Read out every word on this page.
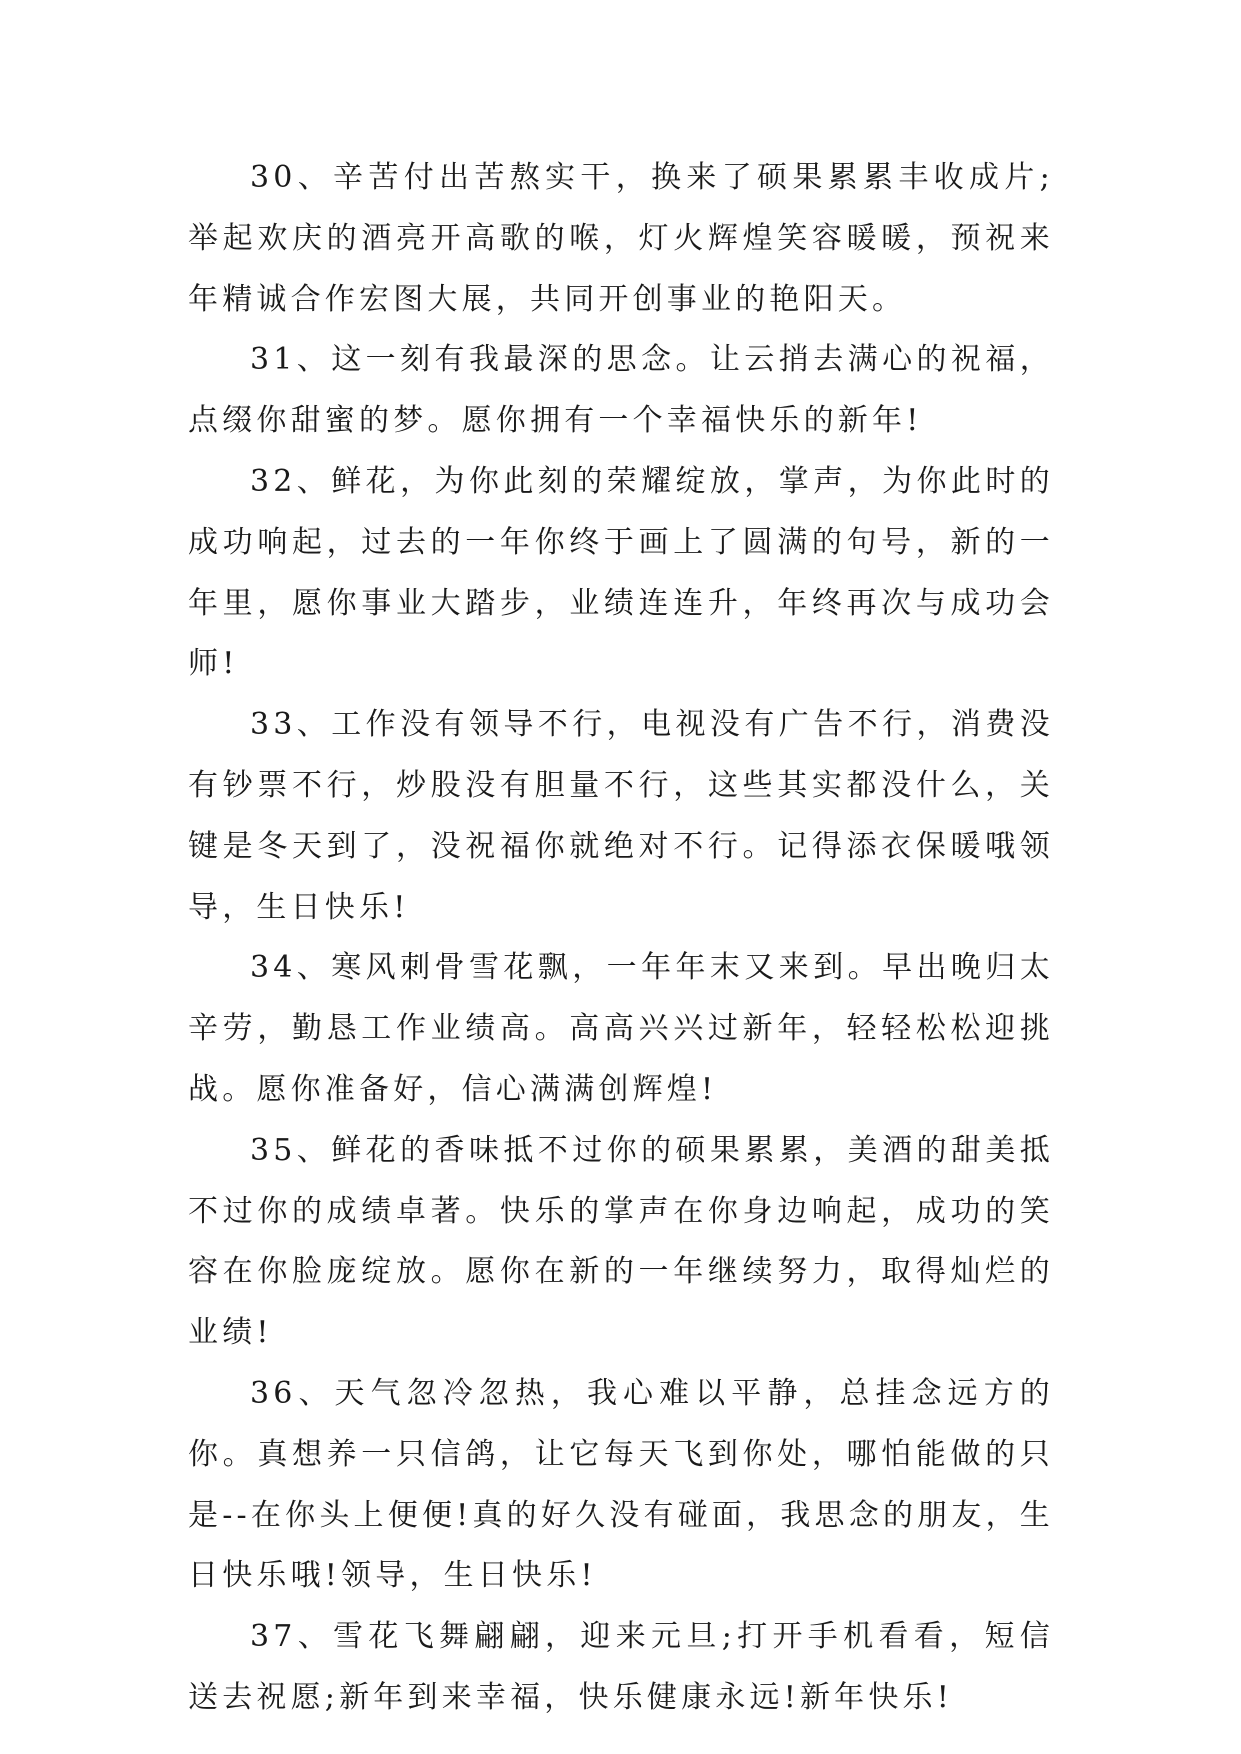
30、辛苦付出苦熬实干，换来了硕果累累丰收成片;举起欢庆的酒亮开高歌的喉，灯火辉煌笑容暖暖，预祝来年精诚合作宏图大展，共同开创事业的艳阳天。

31、这一刻有我最深的思念。让云捎去满心的祝福，点缀你甜蜜的梦。愿你拥有一个幸福快乐的新年!

32、鲜花，为你此刻的荣耀绽放，掌声，为你此时的成功响起，过去的一年你终于画上了圆满的句号，新的一年里，愿你事业大踏步，业绩连连升，年终再次与成功会师!

33、工作没有领导不行，电视没有广告不行，消费没有钞票不行，炒股没有胆量不行，这些其实都没什么，关键是冬天到了，没祝福你就绝对不行。记得添衣保暖哦领导，生日快乐!

34、寒风刺骨雪花飘，一年年末又来到。早出晚归太辛劳，勤恳工作业绩高。高高兴兴过新年，轻轻松松迎挑战。愿你准备好，信心满满创辉煌!

35、鲜花的香味抵不过你的硕果累累，美酒的甜美抵不过你的成绩卓著。快乐的掌声在你身边响起，成功的笑容在你脸庞绽放。愿你在新的一年继续努力，取得灿烂的业绩!

36、天气忽冷忽热，我心难以平静，总挂念远方的你。真想养一只信鸽，让它每天飞到你处，哪怕能做的只是--在你头上便便!真的好久没有碰面，我思念的朋友，生日快乐哦!领导，生日快乐!

37、雪花飞舞翩翩，迎来元旦;打开手机看看，短信送去祝愿;新年到来幸福，快乐健康永远!新年快乐!
